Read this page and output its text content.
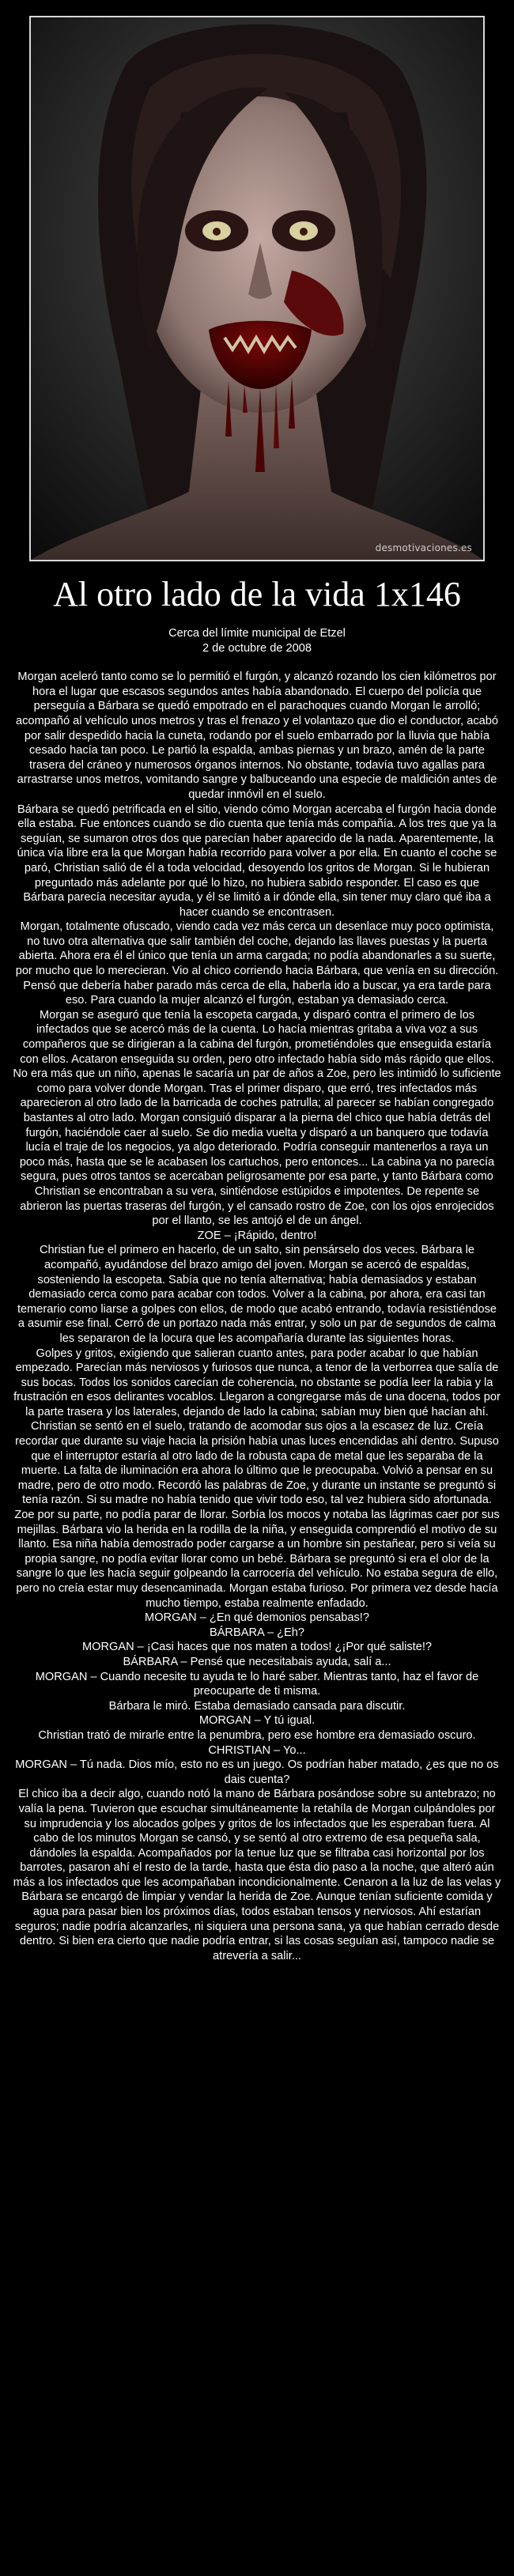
desmotivaciones.es
Al otro lado de la vida 1x146

Cerca del límite municipal de Etzel

2 de octubre de 2008

Morgan aceleró tanto como se lo permitió el furgón, y alcanzó rozando los cien kilómetros por hora el lugar que escasos segundos antes había abandonado. El cuerpo del policía que perseguía a Bárbara se quedó empotrado en el parachoques cuando Morgan le arrolló; acompañó al vehículo unos metros y tras el frenazo y el volantazo que dio el conductor, acabó por salir despedido hacia la cuneta, rodando por el suelo embarrado por la lluvia que había cesado hacía tan poco. Le partió la espalda, ambas piernas y un brazo, amén de la parte trasera del cráneo y numerosos órganos internos. No obstante, todavía tuvo agallas para arrastrarse unos metros, vomitando sangre y balbuceando una especie de maldición antes de quedar inmóvil en el suelo.

Bárbara se quedó petrificada en el sitio, viendo cómo Morgan acercaba el furgón hacia donde ella estaba. Fue entonces cuando se dio cuenta que tenía más compañía. A los tres que ya la seguían, se sumaron otros dos que parecían haber aparecido de la nada. Aparentemente, la única vía libre era la que Morgan había recorrido para volver a por ella. En cuanto el coche se paró, Christian salió de él a toda velocidad, desoyendo los gritos de Morgan. Si le hubieran preguntado más adelante por qué lo hizo, no hubiera sabido responder. El caso es que Bárbara parecía necesitar ayuda, y él se limitó a ir dónde ella, sin tener muy claro qué iba a hacer cuando se encontrasen.

Morgan, totalmente ofuscado, viendo cada vez más cerca un desenlace muy poco optimista, no tuvo otra alternativa que salir también del coche, dejando las llaves puestas y la puerta abierta. Ahora era él el único que tenía un arma cargada; no podía abandonarles a su suerte, por mucho que lo merecieran. Vio al chico corriendo hacia Bárbara, que venía en su dirección. Pensó que debería haber parado más cerca de ella, haberla ido a buscar, ya era tarde para eso. Para cuando la mujer alcanzó el furgón, estaban ya demasiado cerca.

Morgan se aseguró que tenía la escopeta cargada, y disparó contra el primero de los infectados que se acercó más de la cuenta. Lo hacía mientras gritaba a viva voz a sus compañeros que se dirigieran a la cabina del furgón, prometiéndoles que enseguida estaría con ellos. Acataron enseguida su orden, pero otro infectado había sido más rápido que ellos. No era más que un niño, apenas le sacaría un par de años a Zoe, pero les intimidó lo suficiente como para volver donde Morgan. Tras el primer disparo, que erró, tres infectados más aparecieron al otro lado de la barricada de coches patrulla; al parecer se habían congregado bastantes al otro lado. Morgan consiguió disparar a la pierna del chico que había detrás del furgón, haciéndole caer al suelo. Se dio media vuelta y disparó a un banquero que todavía lucía el traje de los negocios, ya algo deteriorado. Podría conseguir mantenerlos a raya un poco más, hasta que se le acabasen los cartuchos, pero entonces... La cabina ya no parecía segura, pues otros tantos se acercaban peligrosamente por esa parte, y tanto Bárbara como Christian se encontraban a su vera, sintiéndose estúpidos e impotentes. De repente se abrieron las puertas traseras del furgón, y el cansado rostro de Zoe, con los ojos enrojecidos por el llanto, se les antojó el de un ángel.

ZOE – ¡Rápido, dentro!

Christian fue el primero en hacerlo, de un salto, sin pensárselo dos veces. Bárbara le acompañó, ayudándose del brazo amigo del joven. Morgan se acercó de espaldas, sosteniendo la escopeta. Sabía que no tenía alternativa; había demasiados y estaban demasiado cerca como para acabar con todos. Volver a la cabina, por ahora, era casi tan temerario como liarse a golpes con ellos, de modo que acabó entrando, todavía resistiéndose a asumir ese final. Cerró de un portazo nada más entrar, y solo un par de segundos de calma les separaron de la locura que les acompañaría durante las siguientes horas.

Golpes y gritos, exigiendo que salieran cuanto antes, para poder acabar lo que habían empezado. Parecían más nerviosos y furiosos que nunca, a tenor de la verborrea que salía de sus bocas. Todos los sonidos carecían de coherencia, no obstante se podía leer la rabia y la frustración en esos delirantes vocablos. Llegaron a congregarse más de una docena, todos por la parte trasera y los laterales, dejando de lado la cabina; sabían muy bien qué hacían ahí.

Christian se sentó en el suelo, tratando de acomodar sus ojos a la escasez de luz. Creía recordar que durante su viaje hacia la prisión había unas luces encendidas ahí dentro. Supuso que el interruptor estaría al otro lado de la robusta capa de metal que les separaba de la muerte. La falta de iluminación era ahora lo último que le preocupaba. Volvió a pensar en su madre, pero de otro modo. Recordó las palabras de Zoe, y durante un instante se preguntó si tenía razón. Si su madre no había tenido que vivir todo eso, tal vez hubiera sido afortunada.

Zoe por su parte, no podía parar de llorar. Sorbía los mocos y notaba las lágrimas caer por sus mejillas. Bárbara vio la herida en la rodilla de la niña, y enseguida comprendió el motivo de su llanto. Esa niña había demostrado poder cargarse a un hombre sin pestañear, pero si veía su propia sangre, no podía evitar llorar como un bebé. Bárbara se preguntó si era el olor de la sangre lo que les hacía seguir golpeando la carrocería del vehículo. No estaba segura de ello, pero no creía estar muy desencaminada. Morgan estaba furioso. Por primera vez desde hacía mucho tiempo, estaba realmente enfadado.

MORGAN – ¿En qué demonios pensabas!?

BÁRBARA – ¿Eh?

MORGAN – ¡Casi haces que nos maten a todos! ¿¡Por qué saliste!?

BÁRBARA – Pensé que necesitabais ayuda, salí a...

MORGAN – Cuando necesite tu ayuda te lo haré saber. Mientras tanto, haz el favor de preocuparte de ti misma.

Bárbara le miró. Estaba demasiado cansada para discutir.

MORGAN – Y tú igual.

Christian trató de mirarle entre la penumbra, pero ese hombre era demasiado oscuro.

CHRISTIAN – Yo...

MORGAN – Tú nada. Dios mío, esto no es un juego. Os podrían haber matado, ¿es que no os dais cuenta?

El chico iba a decir algo, cuando notó la mano de Bárbara posándose sobre su antebrazo; no valía la pena. Tuvieron que escuchar simultáneamente la retahíla de Morgan culpándoles por su imprudencia y los alocados golpes y gritos de los infectados que les esperaban fuera. Al cabo de los minutos Morgan se cansó, y se sentó al otro extremo de esa pequeña sala, dándoles la espalda. Acompañados por la tenue luz que se filtraba casi horizontal por los barrotes, pasaron ahí el resto de la tarde, hasta que ésta dio paso a la noche, que alteró aún más a los infectados que les acompañaban incondicionalmente. Cenaron a la luz de las velas y Bárbara se encargó de limpiar y vendar la herida de Zoe. Aunque tenían suficiente comida y agua para pasar bien los próximos días, todos estaban tensos y nerviosos. Ahí estarían seguros; nadie podría alcanzarles, ni siquiera una persona sana, ya que habían cerrado desde dentro. Si bien era cierto que nadie podría entrar, si las cosas seguían así, tampoco nadie se atrevería a salir...
